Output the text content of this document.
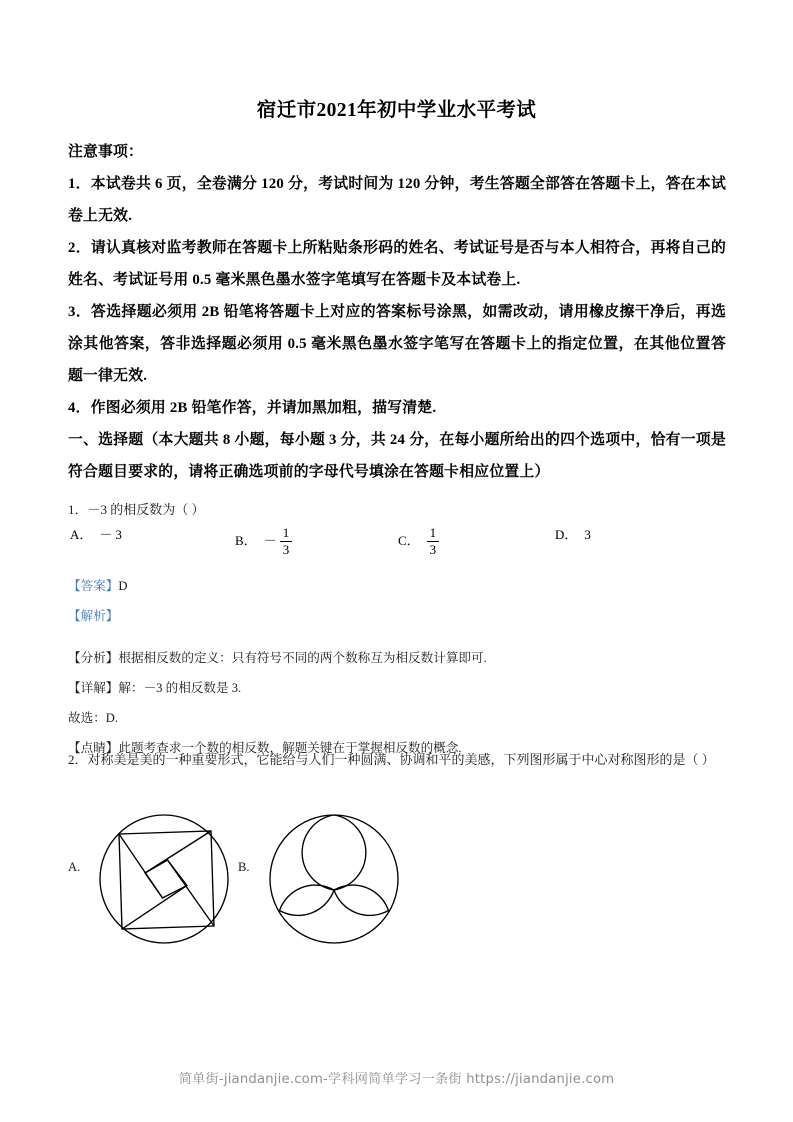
宿迁市2021年初中学业水平考试
注意事项：
1．本试卷共 6 页，全卷满分 120 分，考试时间为 120 分钟，考生答题全部答在答题卡上，答在本试卷上无效.
2．请认真核对监考教师在答题卡上所粘贴条形码的姓名、考试证号是否与本人相符合，再将自己的姓名、考试证号用 0.5 毫米黑色墨水签字笔填写在答题卡及本试卷上.
3．答选择题必须用 2B 铅笔将答题卡上对应的答案标号涂黑，如需改动，请用橡皮擦干净后，再选涂其他答案，答非选择题必须用 0.5 毫米黑色墨水签字笔写在答题卡上的指定位置，在其他位置答题一律无效.
4．作图必须用 2B 铅笔作答，并请加黑加粗，描写清楚.
一、选择题（本大题共 8 小题，每小题 3 分，共 24 分，在每小题所给出的四个选项中，恰有一项是符合题目要求的，请将正确选项前的字母代号填涂在答题卡相应位置上）
1．－3 的相反数为（ ）
A． － 3	B． － $\frac{1}{3}$	C． $\frac{1}{3}$	D． 3
【答案】D
【解析】
【分析】根据相反数的定义：只有符号不同的两个数称互为相反数计算即可.
【详解】解：－3 的相反数是 3.
故选：D.
【点睛】此题考查求一个数的相反数，解题关键在于掌握相反数的概念.
2．对称美是美的一种重要形式，它能给与人们一种圆满、协调和平的美感，下列图形属于中心对称图形的是（ ）
A.	B.
简单街-jiandanjie.com-学科网简单学习一条街 https://jiandanjie.com
